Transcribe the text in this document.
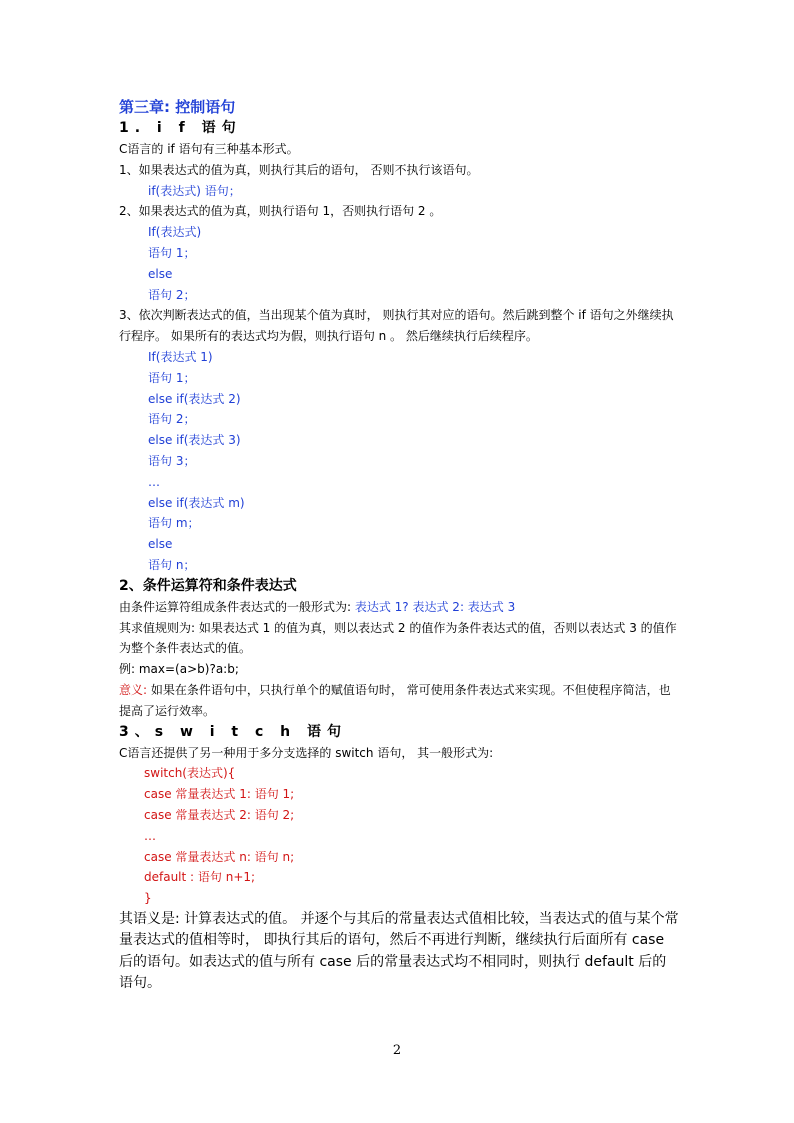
第三章: 控制语句
1. i f 语句
C语言的 if 语句有三种基本形式。
1、如果表达式的值为真，则执行其后的语句， 否则不执行该语句。
if(表达式) 语句；
2、如果表达式的值为真，则执行语句 1，否则执行语句 2 。
If(表达式)
语句 1；
else
语句 2；
3、依次判断表达式的值，当出现某个值为真时， 则执行其对应的语句。然后跳到整个 if 语句之外继续执行程序。 如果所有的表达式均为假，则执行语句 n 。 然后继续执行后续程序。
If(表达式 1)
语句 1；
else if(表达式 2)
语句 2；
else if(表达式 3)
语句 3；
…
else if(表达式 m)
语句 m；
else
语句 n；
2、条件运算符和条件表达式
由条件运算符组成条件表达式的一般形式为: 表达式 1? 表达式 2: 表达式 3
其求值规则为: 如果表达式 1 的值为真，则以表达式 2 的值作为条件表达式的值，否则以表达式 3 的值作为整个条件表达式的值。
例: max=(a>b)?a:b;
意义: 如果在条件语句中，只执行单个的赋值语句时， 常可使用条件表达式来实现。不但使程序简洁，也提高了运行效率。
3、s w i t c h 语句
C语言还提供了另一种用于多分支选择的 switch 语句， 其一般形式为:
switch(表达式){
case 常量表达式 1: 语句 1;
case 常量表达式 2: 语句 2;
…
case 常量表达式 n: 语句 n;
default : 语句 n+1;
}
其语义是: 计算表达式的值。 并逐个与其后的常量表达式值相比较，当表达式的值与某个常量表达式的值相等时， 即执行其后的语句，然后不再进行判断，继续执行后面所有 case 后的语句。如表达式的值与所有 case 后的常量表达式均不相同时，则执行 default 后的语句。
2
